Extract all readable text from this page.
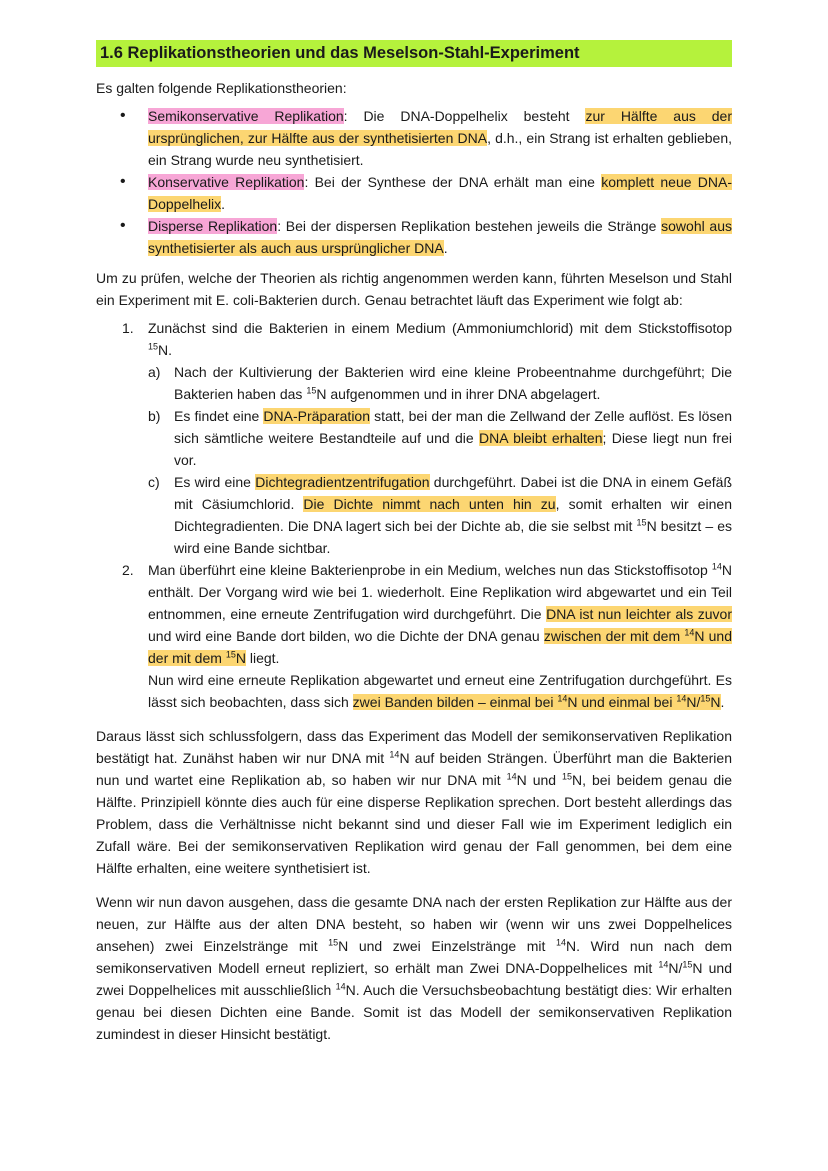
1.6 Replikationstheorien und das Meselson-Stahl-Experiment

Es galten folgende Replikationstheorien:

• Semikonservative Replikation: Die DNA-Doppelhelix besteht zur Hälfte aus der ursprünglichen, zur Hälfte aus der synthetisierten DNA, d.h., ein Strang ist erhalten geblieben, ein Strang wurde neu synthetisiert.
• Konservative Replikation: Bei der Synthese der DNA erhält man eine komplett neue DNA-Doppelhelix.
• Disperse Replikation: Bei der dispersen Replikation bestehen jeweils die Stränge sowohl aus synthetisierter als auch aus ursprünglicher DNA.

Um zu prüfen, welche der Theorien als richtig angenommen werden kann, führten Meselson und Stahl ein Experiment mit E. coli-Bakterien durch. Genau betrachtet läuft das Experiment wie folgt ab:

1. Zunächst sind die Bakterien in einem Medium (Ammoniumchlorid) mit dem Stickstoffisotop $^{15}$N.
a) Nach der Kultivierung der Bakterien wird eine kleine Probeentnahme durchgeführt; Die Bakterien haben das $^{15}$N aufgenommen und in ihrer DNA abgelagert.
b) Es findet eine DNA-Präparation statt, bei der man die Zellwand der Zelle auflöst. Es lösen sich sämtliche weitere Bestandteile auf und die DNA bleibt erhalten; Diese liegt nun frei vor.
c) Es wird eine Dichtegradientzentrifugation durchgeführt. Dabei ist die DNA in einem Gefäß mit Cäsiumchlorid. Die Dichte nimmt nach unten hin zu, somit erhalten wir einen Dichtegradienten. Die DNA lagert sich bei der Dichte ab, die sie selbst mit $^{15}$N besitzt – es wird eine Bande sichtbar.
2. Man überführt eine kleine Bakterienprobe in ein Medium, welches nun das Stickstoffisotop $^{14}$N enthält. Der Vorgang wird wie bei 1. wiederholt. Eine Replikation wird abgewartet und ein Teil entnommen, eine erneute Zentrifugation wird durchgeführt. Die DNA ist nun leichter als zuvor und wird eine Bande dort bilden, wo die Dichte der DNA genau zwischen der mit dem $^{14}$N und der mit dem $^{15}$N liegt.
Nun wird eine erneute Replikation abgewartet und erneut eine Zentrifugation durchgeführt. Es lässt sich beobachten, dass sich zwei Banden bilden – einmal bei $^{14}$N und einmal bei $^{14}$N/$^{15}$N.

Daraus lässt sich schlussfolgern, dass das Experiment das Modell der semikonservativen Replikation bestätigt hat. Zunähst haben wir nur DNA mit $^{14}$N auf beiden Strängen. Überführt man die Bakterien nun und wartet eine Replikation ab, so haben wir nur DNA mit $^{14}$N und $^{15}$N, bei beidem genau die Hälfte. Prinzipiell könnte dies auch für eine disperse Replikation sprechen. Dort besteht allerdings das Problem, dass die Verhältnisse nicht bekannt sind und dieser Fall wie im Experiment lediglich ein Zufall wäre. Bei der semikonservativen Replikation wird genau der Fall genommen, bei dem eine Hälfte erhalten, eine weitere synthetisiert ist.

Wenn wir nun davon ausgehen, dass die gesamte DNA nach der ersten Replikation zur Hälfte aus der neuen, zur Hälfte aus der alten DNA besteht, so haben wir (wenn wir uns zwei Doppelhelices ansehen) zwei Einzelstränge mit $^{15}$N und zwei Einzelstränge mit $^{14}$N. Wird nun nach dem semikonservativen Modell erneut repliziert, so erhält man Zwei DNA-Doppelhelices mit $^{14}$N/$^{15}$N und zwei Doppelhelices mit ausschließlich $^{14}$N. Auch die Versuchsbeobachtung bestätigt dies: Wir erhalten genau bei diesen Dichten eine Bande. Somit ist das Modell der semikonservativen Replikation zumindest in dieser Hinsicht bestätigt.
